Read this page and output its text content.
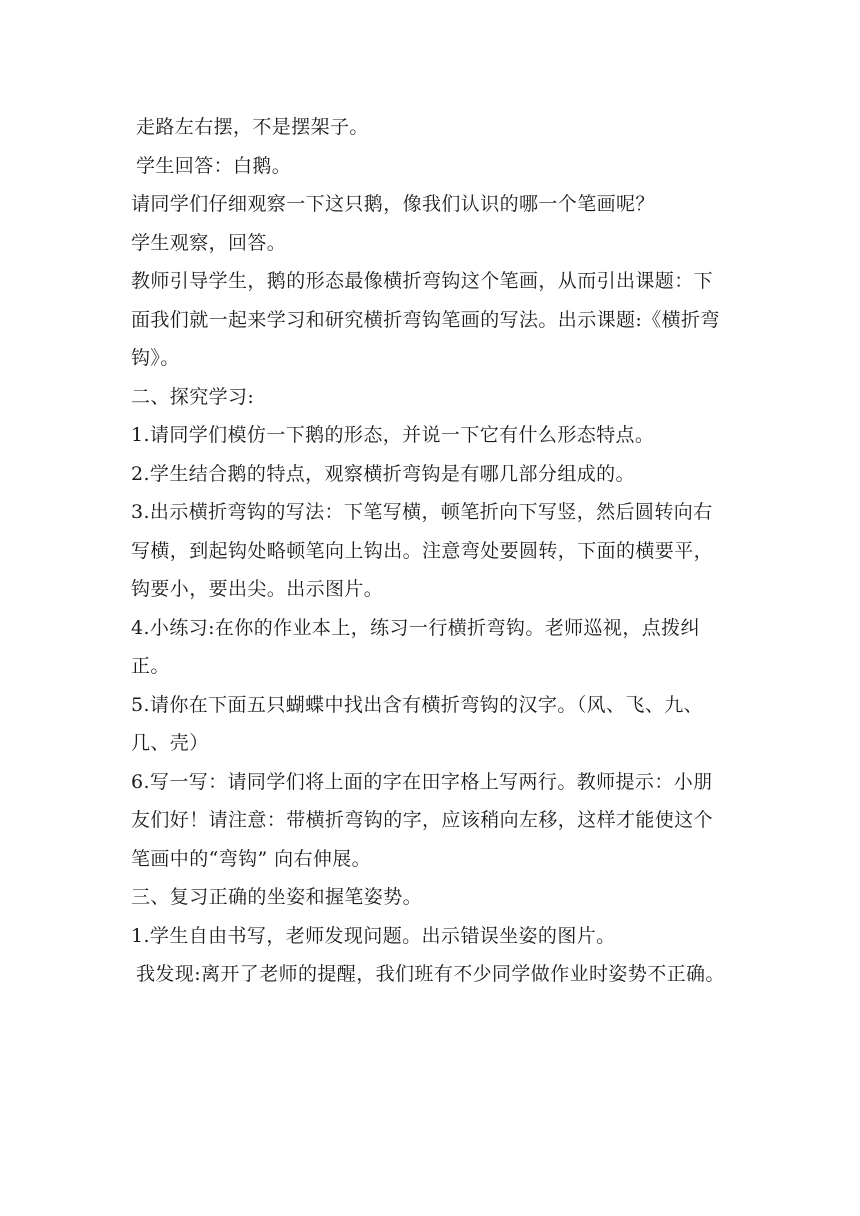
走路左右摆，不是摆架子。

学生回答：白鹅。

请同学们仔细观察一下这只鹅，像我们认识的哪一个笔画呢？

学生观察，回答。

教师引导学生，鹅的形态最像横折弯钩这个笔画，从而引出课题：下面我们就一起来学习和研究横折弯钩笔画的写法。出示课题:《横折弯钩》。

二、探究学习:

1.请同学们模仿一下鹅的形态，并说一下它有什么形态特点。

2.学生结合鹅的特点，观察横折弯钩是有哪几部分组成的。

3.出示横折弯钩的写法：下笔写横，顿笔折向下写竖，然后圆转向右写横，到起钩处略顿笔向上钩出。注意弯处要圆转，下面的横要平，钩要小，要出尖。出示图片。

4.小练习:在你的作业本上，练习一行横折弯钩。老师巡视，点拨纠正。

5.请你在下面五只蝴蝶中找出含有横折弯钩的汉字。（风、飞、九、几、壳）

6.写一写：请同学们将上面的字在田字格上写两行。教师提示：小朋友们好！请注意：带横折弯钩的字，应该稍向左移，这样才能使这个笔画中的“弯钩” 向右伸展。

三、复习正确的坐姿和握笔姿势。

1.学生自由书写，老师发现问题。出示错误坐姿的图片。

我发现:离开了老师的提醒，我们班有不少同学做作业时姿势不正确。
